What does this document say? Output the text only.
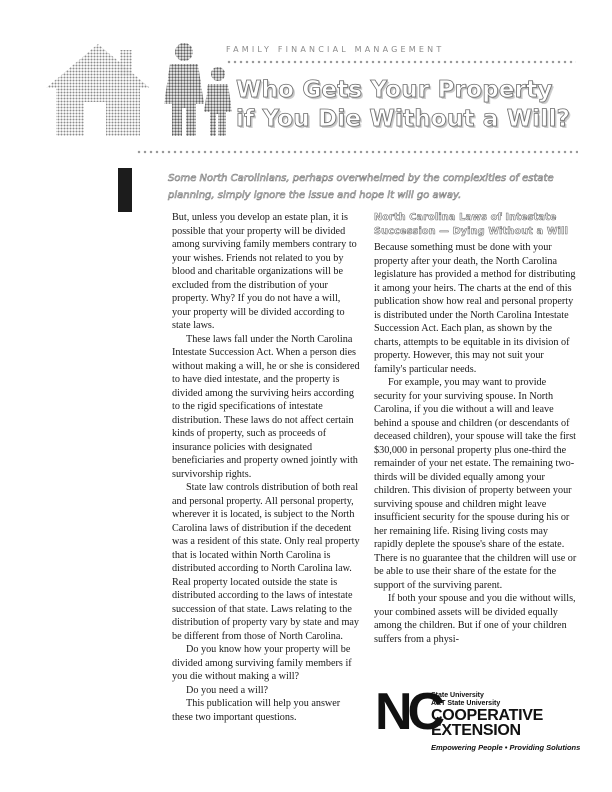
FAMILY FINANCIAL MANAGEMENT
Who Gets Your Property
if You Die Without a Will?

Some North Carolinians, perhaps overwhelmed by the complexities of estate planning, simply ignore the issue and hope it will go away.

But, unless you develop an estate plan, it is possible that your property will be divided among surviving family members contrary to your wishes. Friends not related to you by blood and charitable organizations will be excluded from the distribution of your property. Why? If you do not have a will, your property will be divided according to state laws.

These laws fall under the North Carolina Intestate Succession Act. When a person dies without making a will, he or she is considered to have died intestate, and the property is divided among the surviving heirs according to the rigid specifications of intestate distribution. These laws do not affect certain kinds of property, such as proceeds of insurance policies with designated beneficiaries and property owned jointly with survivorship rights.

State law controls distribution of both real and personal property. All personal property, wherever it is located, is subject to the North Carolina laws of distribution if the decedent was a resident of this state. Only real property that is located within North Carolina is distributed according to North Carolina law. Real property located outside the state is distributed according to the laws of intestate succession of that state. Laws relating to the distribution of property vary by state and may be different from those of North Carolina.

Do you know how your property will be divided among surviving family members if you die without making a will?

Do you need a will?

This publication will help you answer these two important questions.

North Carolina Laws of Intestate
Succession — Dying Without a Will

Because something must be done with your property after your death, the North Carolina legislature has provided a method for distributing it among your heirs. The charts at the end of this publication show how real and personal property is distributed under the North Carolina Intestate Succession Act. Each plan, as shown by the charts, attempts to be equitable in its division of property. However, this may not suit your family's particular needs.

For example, you may want to provide security for your surviving spouse. In North Carolina, if you die without a will and leave behind a spouse and children (or descendants of deceased children), your spouse will take the first $30,000 in personal property plus one-third the remainder of your net estate. The remaining two-thirds will be divided equally among your children. This division of property between your surviving spouse and children might leave insufficient security for the spouse during his or her remaining life. Rising living costs may rapidly deplete the spouse's share of the estate. There is no guarantee that the children will use or be able to use their share of the estate for the support of the surviving parent.

If both your spouse and you die without wills, your combined assets will be divided equally among the children. But if one of your children suffers from a physi-

NC
State University
A&T State University
COOPERATIVE
EXTENSION
Empowering People • Providing Solutions
